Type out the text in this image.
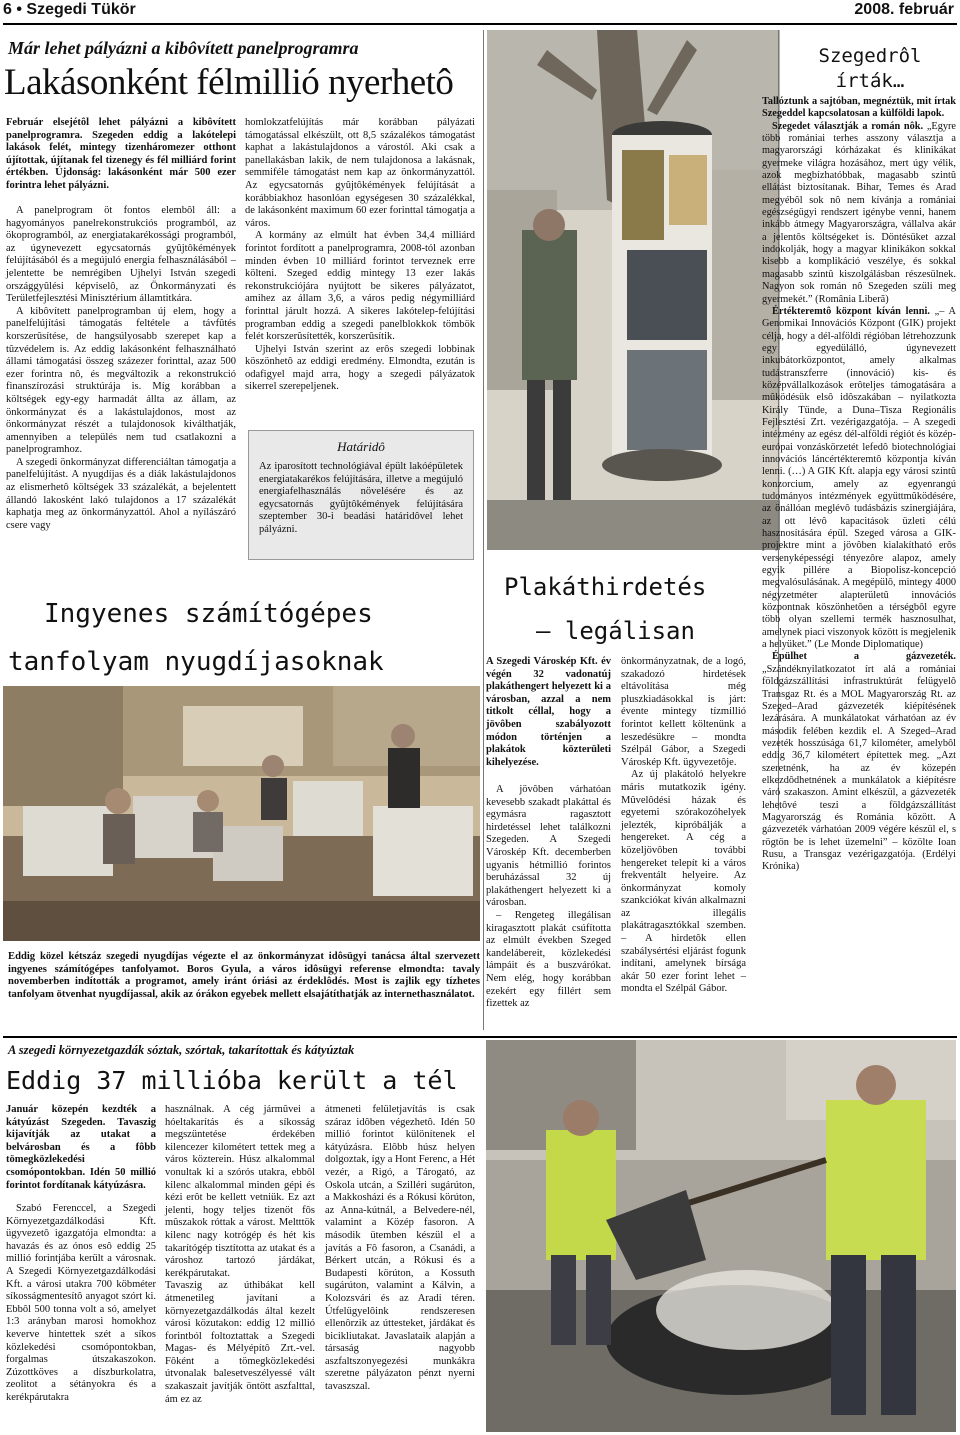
6 • Szegedi Tükör	2008. február
Már lehet pályázni a kibôvített panelprogramra
Lakásonként félmillió nyerhetô
Február elsejétôl lehet pályázni a kibôvített panelprogramra. Szegeden eddig a lakótelepi lakások felét, mintegy tizenháromezer otthont újítottak, újítanak fel tizenegy és fél milliárd forint értékben. Újdonság: lakásonként már 500 ezer forintra lehet pályázni.

A panelprogram öt fontos elembôl áll: a hagyományos panelrekonstrukciós programból, az ökoprogramból, az energiatakarékossági programból, az úgynevezett egycsatornás gyûjtôkémények felújításából és a megújuló energia felhasználásából – jelentette be nemrégiben Ujhelyi István szegedi országgyûlési képviselô, az Önkormányzati és Területfejlesztési Minisztérium államtitkára.

A kibôvített panelprogramban új elem, hogy a panelfelújítási támogatás feltétele a távfûtés korszerûsítése, de hangsúlyosabb szerepet kap a tûzvédelem is. Az eddig lakásonként felhasználható állami támogatási összeg százezer forinttal, azaz 500 ezer forintra nô, és megváltozik a rekonstrukció finanszírozási struktúrája is. Míg korábban a költségek egy-egy harmadát állta az állam, az önkormányzat és a lakástulajdonos, most az önkormányzat részét a tulajdonosok kiválthatják, amennyiben a település nem tud csatlakozni a panelprogramhoz.

A szegedi önkormányzat differenciáltan támogatja a panelfelújítást. A nyugdíjas és a diák lakástulajdonos az elismerhetô költségek 33 százalékát, a bejelentett állandó lakosként lakó tulajdonos a 17 százalékát kaphatja meg az önkormányzattól. Ahol a nyílászáró csere vagy

homlokzatfelújítás már korábban pályázati támogatással elkészült, ott 8,5 százalékos támogatást kaphat a lakástulajdonos a várostól. Aki csak a panellakásban lakik, de nem tulajdonosa a lakásnak, semmiféle támogatást nem kap az önkormányzattól. Az egycsatornás gyûjtôkémények felújítását a korábbiakhoz hasonlóan egységesen 30 százalékkal, de lakásonként maximum 60 ezer forinttal támogatja a város.

A kormány az elmúlt hat évben 34,4 milliárd forintot fordított a panelprogramra, 2008-tól azonban minden évben 10 milliárd forintot terveznek erre költeni. Szeged eddig mintegy 13 ezer lakás rekonstrukciójára nyújtott be sikeres pályázatot, amihez az állam 3,6, a város pedig négymilliárd forinttal járult hozzá. A sikeres lakótelep-felújítási programban eddig a szegedi panelblokkok tömbök felét korszerûsítették, korszerûsítik.

Ujhelyi István szerint az erôs szegedi lobbinak köszönhetô az eddigi eredmény. Elmondta, ezután is odafigyel majd arra, hogy a szegedi pályázatok sikerrel szerepeljenek.

Határidô
Az iparosított technológiával épült lakóépületek energiatakarékos felújítására, illetve a megújuló energiafelhasználás növelésére és az egycsatornás gyûjtôkémények felújítására szeptember 30-i beadási határidôvel lehet pályázni.
Szegedrôl
írták…

Tallóztunk a sajtóban, megnéztük, mit írtak Szegeddel kapcsolatosan a külföldi lapok.

Szegedet választják a román nôk. „Egyre több romániai terhes asszony választja a magyarországi kórházakat és klinikákat gyermeke világra hozásához, mert úgy vélik, azok megbízhatóbbak, magasabb szintû ellátást biztosítanak. Bihar, Temes és Arad megyébôl sok nô nem kívánja a romániai egészségügyi rendszert igénybe venni, hanem inkább átmegy Magyarországra, vállalva akár a jelentôs költségeket is. Döntésüket azzal indokolják, hogy a magyar klinikákon sokkal kisebb a komplikáció veszélye, és sokkal magasabb szintû kiszolgálásban részesülnek. Nagyon sok román nô Szegeden szüli meg gyermekét.” (România Liberã)

Értékteremtô központ kíván lenni. „– A Genomikai Innovációs Központ (GIK) projekt célja, hogy a dél-alföldi régióban létrehozzunk egy egyedülálló, úgynevezett inkubátorközpontot, amely alkalmas tudástranszferre (innováció) kis- és középvállalkozások erôteljes támogatására a mûködésük elsô idôszakában – nyilatkozta Király Tünde, a Duna–Tisza Regionális Fejlesztési Zrt. vezérigazgatója. – A szegedi intézmény az egész dél-alföldi régiót és közép-európai vonzáskörzetét lefedô biotechnológiai innovációs láncértékteremtô központja kíván lenni. (…) A GIK Kft. alapja egy városi szintû konzorcium, amely az egyenrangú tudományos intézmények együttmûködésére, az önállóan meglévô tudásbázis szinergiájára, az ott lévô kapacitások üzleti célú hasznosítására épül. Szeged városa a GIK-projektre mint a jövôben kialakítható erôs versenyképességi tényezôre alapoz, amely egyik pillére a Biopolisz-koncepció megvalósulásának. A megépülô, mintegy 4000 négyzetméter alapterületû innovációs központnak köszönhetôen a térségbôl egyre több olyan szellemi termék hasznosulhat, amelynek piaci viszonyok között is megjelenik a helyüket.” (Le Monde Diplomatique)

Épülhet a gázvezeték. „Szándéknyilatkozatot írt alá a romániai földgázszállítási infrastruktúrát felügyelô Transgaz Rt. és a MOL Magyarország Rt. az Szeged–Arad gázvezeték kiépítésének lezárására. A munkálatokat várhatóan az év második felében kezdik el. A Szeged–Arad vezeték hosszúsága 61,7 kilométer, amelybôl eddig 36,7 kilométert építettek meg. „Azt szeretnénk, ha az év közepén elkezdôdhetnének a munkálatok a kiépítésre váró szakaszon. Amint elkészül, a gázvezeték lehetôvé teszi a földgázszállítást Magyarország és Románia között. A gázvezeték várhatóan 2009 végére készül el, s rögtön be is lehet üzemelni” – közölte Ioan Rusu, a Transgaz vezérigazgatója. (Erdélyi Krónika)

Ingyenes számítógépes
tanfolyam nyugdíjasoknak
Eddig közel kétszáz szegedi nyugdíjas végezte el az önkormányzat idôsügyi tanácsa által szervezett ingyenes számítógépes tanfolyamot. Boros Gyula, a város idôsügyi referense elmondta: tavaly novemberben indították a programot, amely iránt óriási az érdeklôdés. Most is zajlik egy tízhetes tanfolyam ötvenhat nyugdíjassal, akik az órákon egyebek mellett elsajátíthatják az internethasználatot.
Plakáthirdetés
– legálisan
A Szegedi Városkép Kft. év végén 32 vadonatúj plakáthengert helyezett ki a városban, azzal a nem titkolt céllal, hogy a jövôben szabályozott módon történjen a plakátok közterületi kihelyezése.

A jövôben várhatóan kevesebb szakadt plakáttal és egymásra ragasztott hirdetéssel lehet találkozni Szegeden. A Szegedi Városkép Kft. decemberben ugyanis hétmillió forintos beruházással 32 új plakáthengert helyezett ki a városban.

– Rengeteg illegálisan kiragasztott plakát csúfította az elmúlt években Szeged kandelábereit, közlekedési lámpáit és a buszvárókat. Nem elég, hogy korábban ezekért egy fillért sem fizettek az

önkormányzatnak, de a logó, szakadozó hirdetések eltávolítása még pluszkiadásokkal is járt: évente mintegy tízmillió forintot kellett költenünk a leszedésükre – mondta Szélpál Gábor, a Szegedi Városkép Kft. ügyvezetôje.

Az új plakátoló helyekre máris mutatkozik igény. Mûvelôdési házak és egyetemi szórakozóhelyek jelezték, kipróbálják a hengereket. A cég a közeljövôben további hengereket telepít ki a város frekventált helyeire. Az önkormányzat komoly szankciókat kíván alkalmazni az illegális plakátragasztókkal szemben. – A hirdetôk ellen szabálysértési eljárást fogunk indítani, amelynek bírsága akár 50 ezer forint lehet – mondta el Szélpál Gábor.

A szegedi környezetgazdák sóztak, szórtak, takarítottak és kátyúztak
Eddig 37 millióba került a tél
Január közepén kezdték a kátyúzást Szegeden. Tavaszig kijavítják az utakat a belvárosban és a fôbb tömegközlekedési csomópontokban. Idén 50 millió forintot fordítanak kátyúzásra.
Szabó Ferenccel, a Szegedi Környezetgazdálkodási Kft. ügyvezetô igazgatója elmondta: a havazás és az ónos esô eddig 25 millió forintjába került a városnak. A Szegedi Környezetgazdálkodási Kft. a városi utakra 700 köbméter síkosságmentesítô anyagot szórt ki. Ebbôl 500 tonna volt a só, amelyet 1:3 arányban marosi homokhoz keverve hintettek szét a síkos közlekedési csomópontokban, forgalmas útszakaszokon. Zúzottköves a díszburkolatra, zeolitot a sétányokra és a kerékpárutakra
használnak. A cég jármûvei a hóeltakarítás és a síkosság megszüntetése érdekében kilencezer kilométert tettek meg a város közterein. Húsz alkalommal vonultak ki a szórós utakra, ebbôl kilenc alkalommal minden gépi és kézi erôt be kellett vetniük. Ez azt jelenti, hogy teljes tizenöt fôs mûszakok róttak a várost. Meltttök kilenc nagy kotrógép és hét kis takarítógép tisztította az utakat és a városhoz tartozó járdákat, kerékpárutakat.
Tavaszig az úthibákat kell átmenetileg javítani a környezetgazdálkodás által kezelt városi közutakon: eddig 12 millió forintból foltoztattak a Szegedi Magas- és Mélyépítô Zrt.-vel. Fôként a tömegközlekedési útvonalak balesetveszélyessé vált szakaszait javítják öntött aszfalttal, ám ez az
átmeneti felületjavítás is csak száraz idôben végezhetô. Idén 50 millió forintot különítenek el kátyúzásra. Elôbb húsz helyen dolgoztak, így a Hont Ferenc, a Hét vezér, a Rigó, a Tárogató, az Oskola utcán, a Szilléri sugárúton, a Makkosházi és a Rókusi körúton, az Anna-kútnál, a Belvedere-nél, valamint a Közép fasoron. A második ütemben készül el a javítás a Fô fasoron, a Csanádi, a Bérkert utcán, a Rókusi és a Budapesti körúton, a Kossuth sugárúton, valamint a Kálvin, a Kolozsvári és az Aradi téren. Útfelügyelôink rendszeresen ellenôrzik az úttesteket, járdákat és bicikliutakat. Javaslataik alapján a társaság nagyobb aszfaltszonyegezési munkákra szeretne pályázaton pénzt nyerni tavaszszal.
